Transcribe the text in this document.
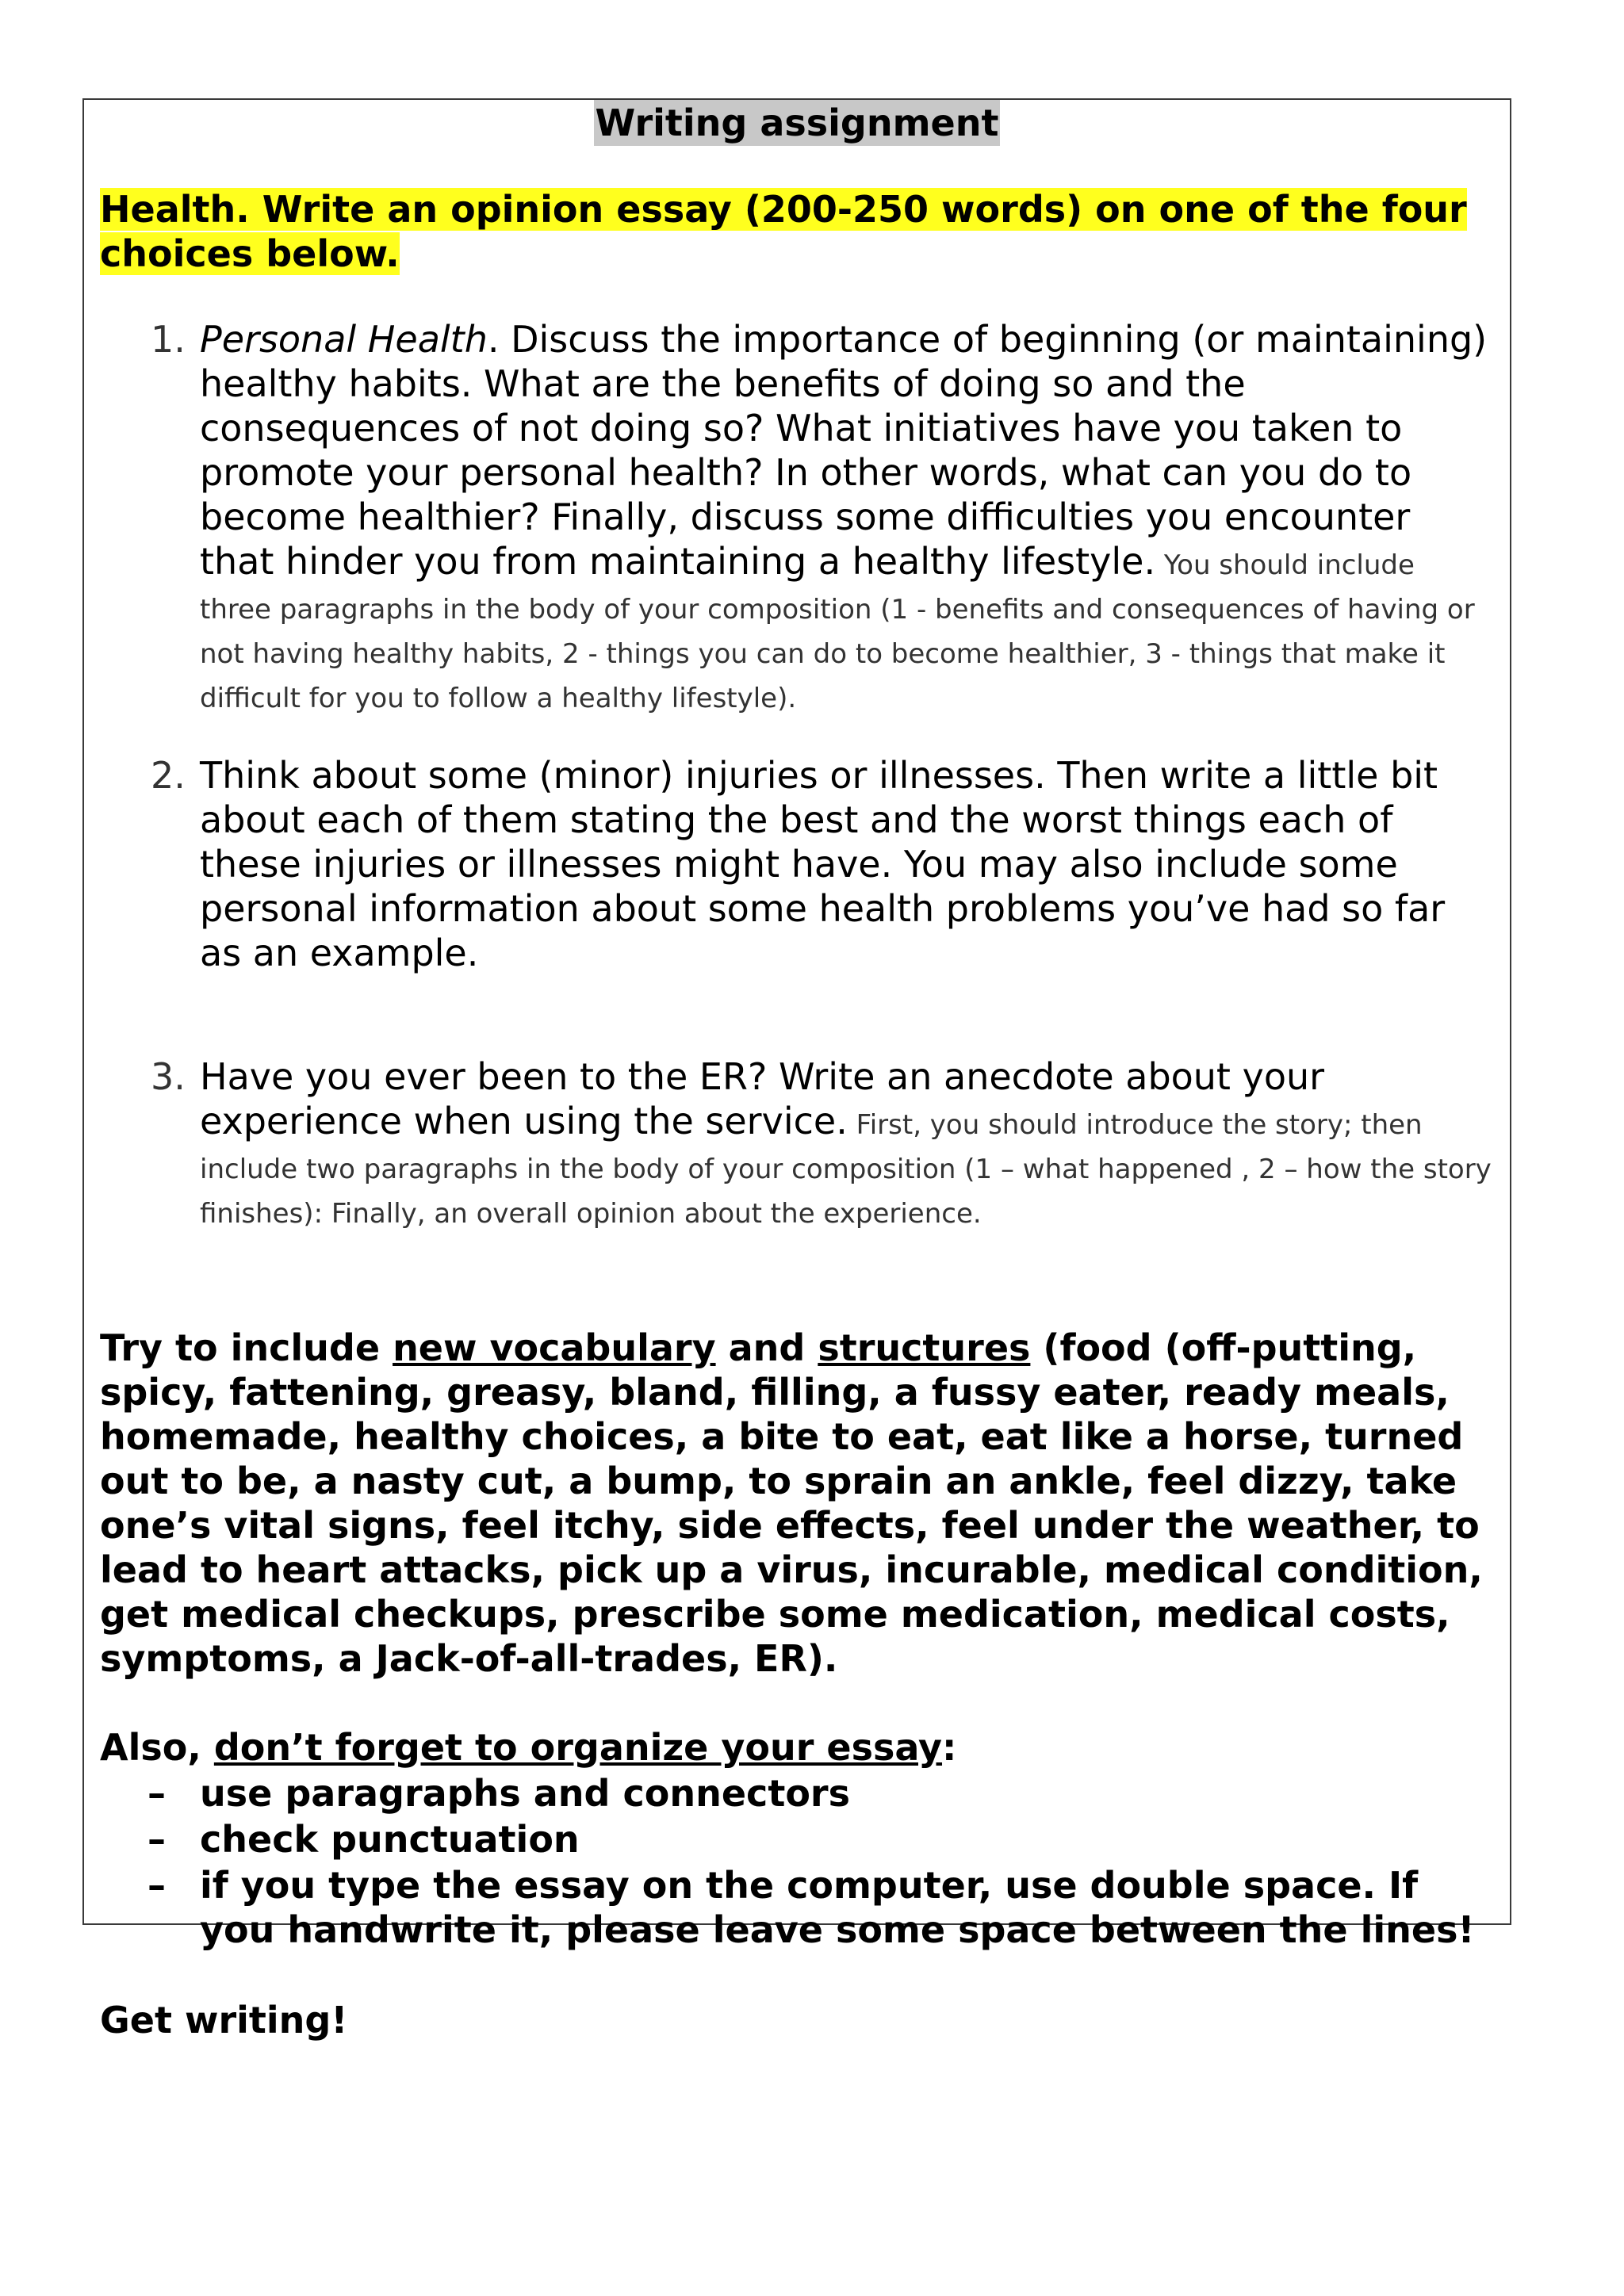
Writing assignment

Health. Write an opinion essay (200-250 words) on one of the four choices below.

1. Personal Health. Discuss the importance of beginning (or maintaining) healthy habits. What are the benefits of doing so and the consequences of not doing so? What initiatives have you taken to promote your personal health? In other words, what can you do to become healthier? Finally, discuss some difficulties you encounter that hinder you from maintaining a healthy lifestyle. You should include three paragraphs in the body of your composition (1 - benefits and consequences of having or not having healthy habits, 2 - things you can do to become healthier, 3 - things that make it difficult for you to follow a healthy lifestyle).
2. Think about some (minor) injuries or illnesses. Then write a little bit about each of them stating the best and the worst things each of these injuries or illnesses might have. You may also include some personal information about some health problems you’ve had so far as an example.
3. Have you ever been to the ER? Write an anecdote about your experience when using the service. First, you should introduce the story; then include two paragraphs in the body of your composition (1 – what happened , 2 – how the story finishes): Finally, an overall opinion about the experience.

Try to include new vocabulary and structures (food (off-putting, spicy, fattening, greasy, bland, filling, a fussy eater, ready meals, homemade, healthy choices, a bite to eat, eat like a horse, turned out to be, a nasty cut, a bump, to sprain an ankle, feel dizzy, take one’s vital signs, feel itchy, side effects, feel under the weather, to lead to heart attacks, pick up a virus, incurable, medical condition, get medical checkups, prescribe some medication, medical costs, symptoms, a Jack-of-all-trades, ER).

Also, don’t forget to organize your essay:

– use paragraphs and connectors
– check punctuation
– if you type the essay on the computer, use double space. If you handwrite it, please leave some space between the lines!

Get writing!
